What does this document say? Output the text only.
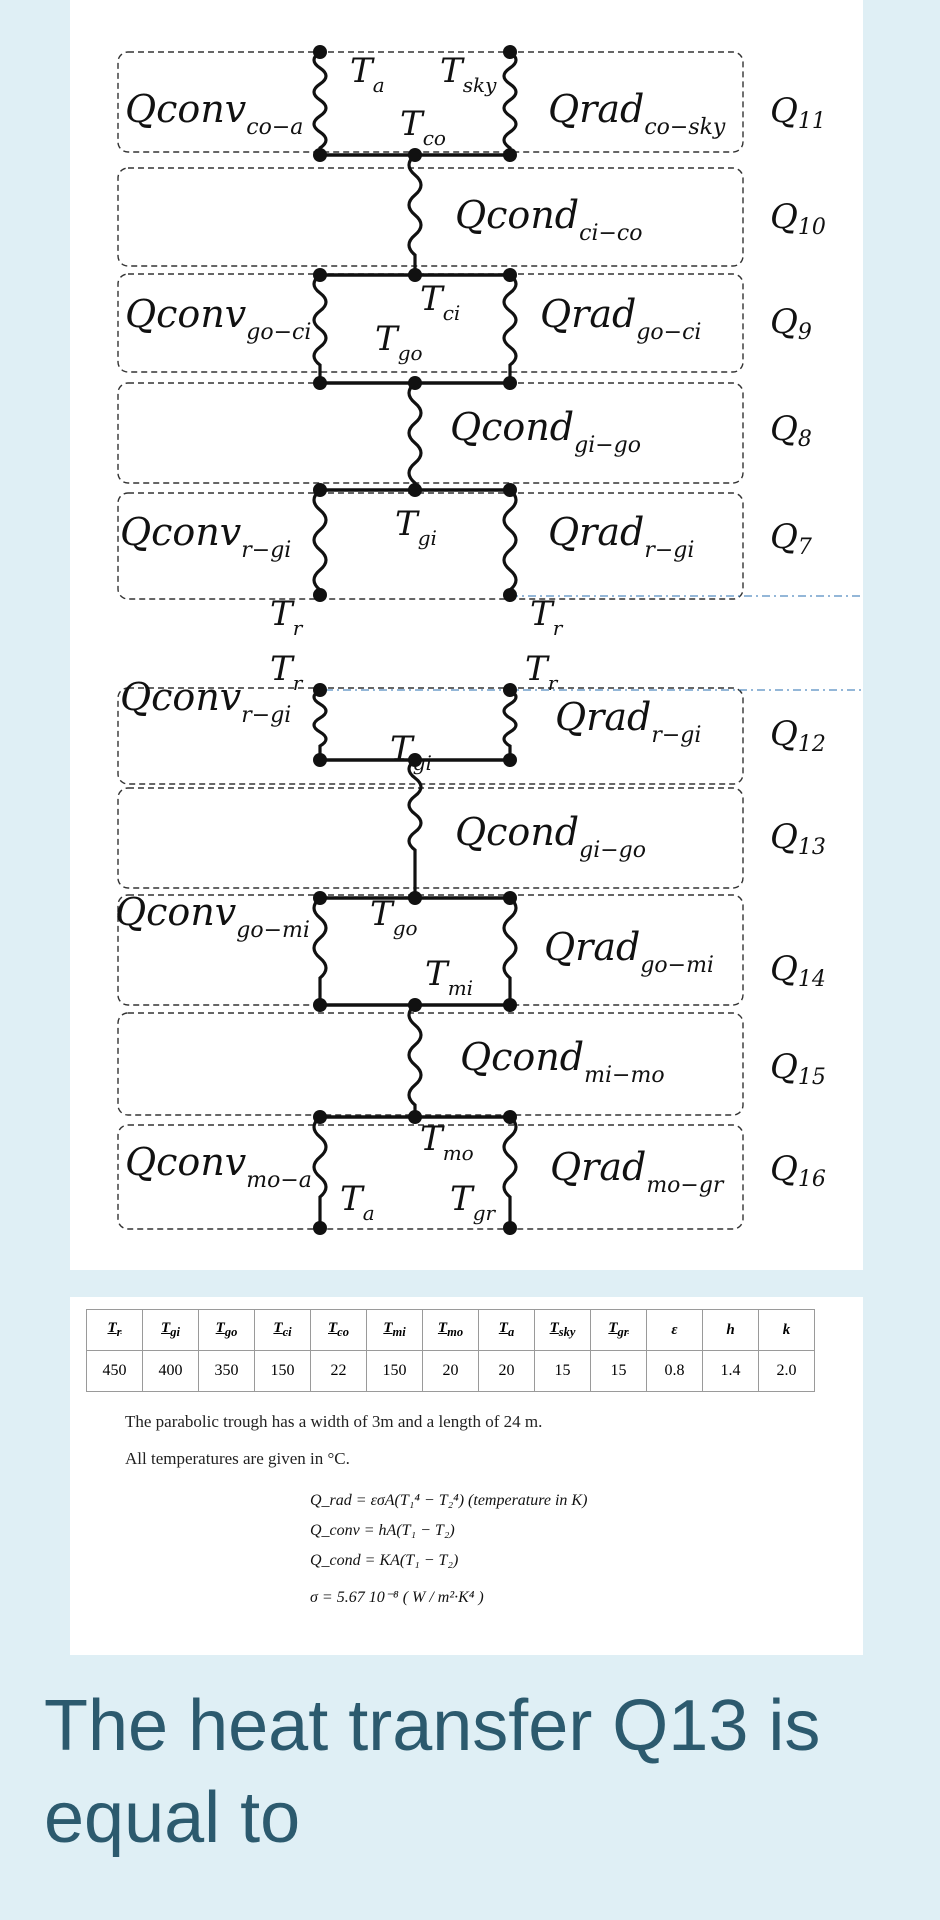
Qconv$_{co-a}$
Qconv$_{go-ci}$
Qconv$_{r-gi}$
Qconv$_{r-gi}$
Qconv$_{go-mi}$
Qconv$_{mo-a}$
Qrad$_{co-sky}$
Qrad$_{go-ci}$
Qrad$_{r-gi}$
Qrad$_{r-gi}$
Qrad$_{go-mi}$
Qrad$_{mo-gr}$
Qcond$_{ci-co}$
Qcond$_{gi-go}$
Qcond$_{gi-go}$
Qcond$_{mi-mo}$
Q11
Q10
Q9
Q8
Q7
Q12
Q13
Q14
Q15
Q16
$T_a$ $T_{sky}$
$T_{co}$
$T_{ci}$
$T_{go}$
$T_{gi}$
$T_r$	$T_r$
$T_r$	$T_r$
$T_{gi}$
$T_{go}$
$T_{mi}$
$T_{mo}$
$T_a$ $T_{gr}$
$T_r$	$T_{gi}$	$T_{go}$	$T_{ci}$	$T_{co}$	$T_{mi}$	$T_{mo}$	$T_a$	$T_{sky}$	$T_{gr}$	ε	h	k
450	400	350	150	22	150	20	20	15	15	0.8	1.4	2.0
The parabolic trough has a width of 3m and a length of 24 m.
All temperatures are given in °C.
Q_rad = εσA(T₁⁴ − T₂⁴) (temperature in K)
Q_conv = hA(T₁ − T₂)
Q_cond = KA(T₁ − T₂)
σ = 5.67 10⁻⁸ ( W / m²·K⁴ )
The heat transfer Q13 is equal to
